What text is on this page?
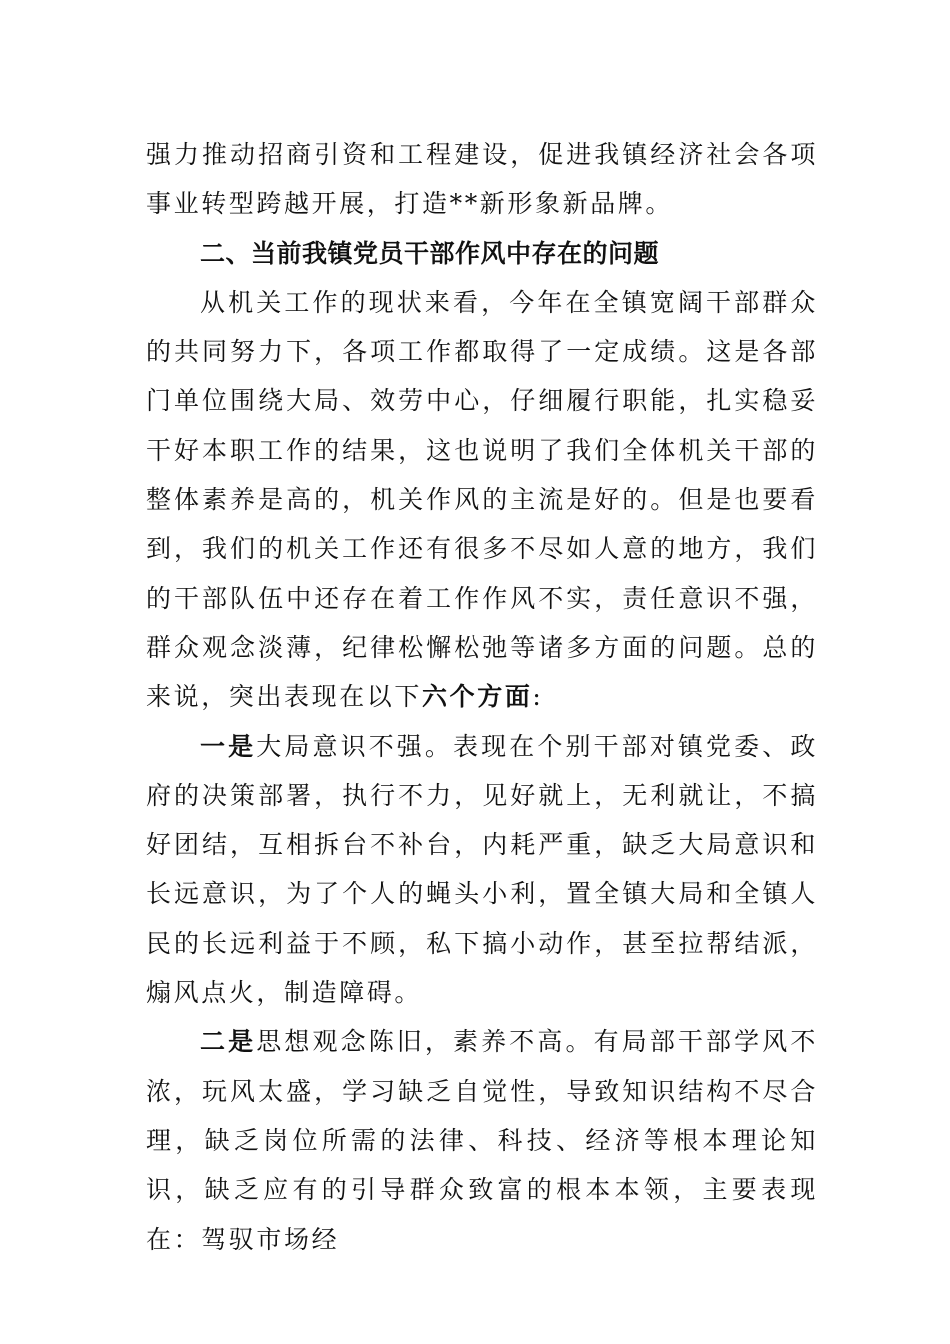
强力推动招商引资和工程建设，促进我镇经济社会各项事业转型跨越开展，打造**新形象新品牌。

二、当前我镇党员干部作风中存在的问题

从机关工作的现状来看，今年在全镇宽阔干部群众的共同努力下，各项工作都取得了一定成绩。这是各部门单位围绕大局、效劳中心，仔细履行职能，扎实稳妥干好本职工作的结果，这也说明了我们全体机关干部的整体素养是高的，机关作风的主流是好的。但是也要看到，我们的机关工作还有很多不尽如人意的地方，我们的干部队伍中还存在着工作作风不实，责任意识不强，群众观念淡薄，纪律松懈松弛等诸多方面的问题。总的来说，突出表现在以下六个方面:

一是大局意识不强。表现在个别干部对镇党委、政府的决策部署，执行不力，见好就上，无利就让，不搞好团结，互相拆台不补台，内耗严重，缺乏大局意识和长远意识，为了个人的蝇头小利，置全镇大局和全镇人民的长远利益于不顾，私下搞小动作，甚至拉帮结派，煽风点火，制造障碍。

二是思想观念陈旧，素养不高。有局部干部学风不浓，玩风太盛，学习缺乏自觉性，导致知识结构不尽合理，缺乏岗位所需的法律、科技、经济等根本理论知识，缺乏应有的引导群众致富的根本本领，主要表现在：驾驭市场经
